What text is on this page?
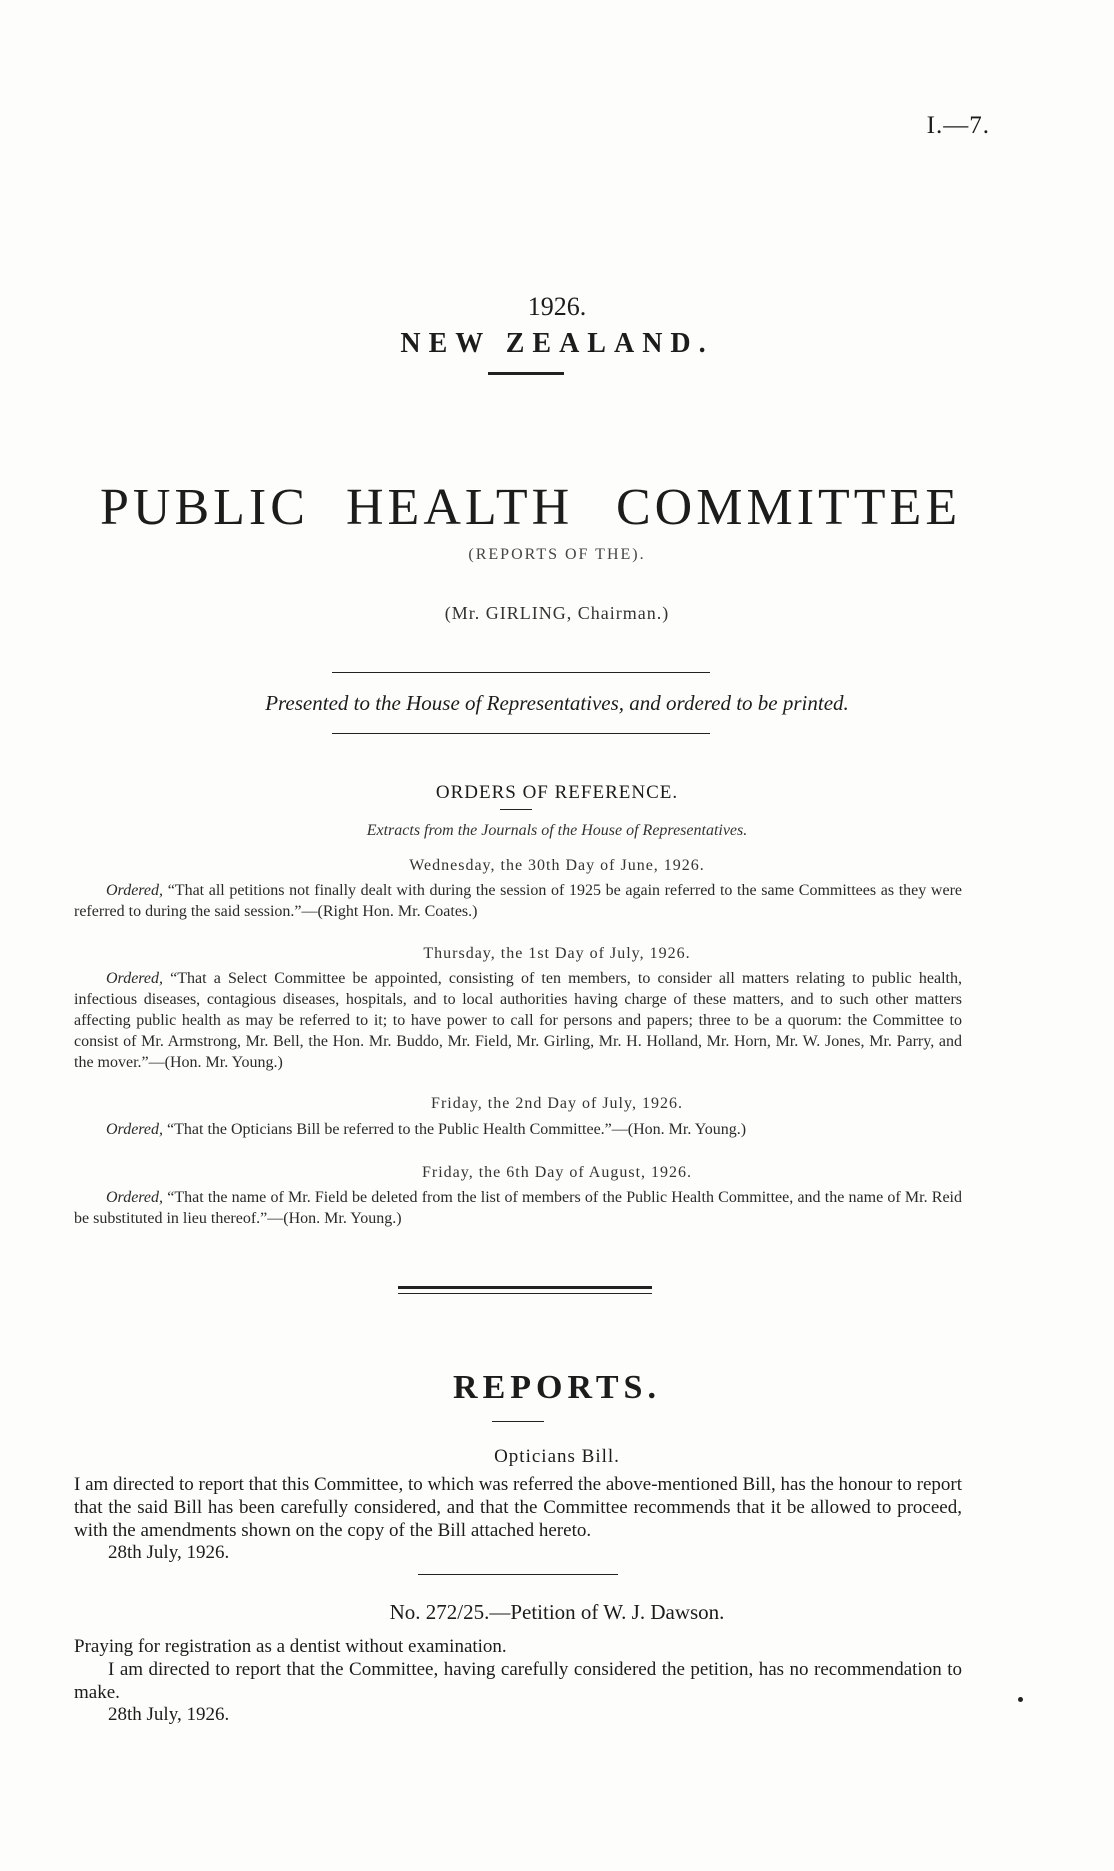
I.—7.
1926.
NEW ZEALAND.
PUBLIC HEALTH COMMITTEE
(REPORTS OF THE).
(Mr. GIRLING, Chairman.)
Presented to the House of Representatives, and ordered to be printed.
ORDERS OF REFERENCE.
Extracts from the Journals of the House of Representatives.
Wednesday, the 30th Day of June, 1926.
Ordered, “That all petitions not finally dealt with during the session of 1925 be again referred to the same Committees as they were referred to during the said session.”—(Right Hon. Mr. Coates.)
Thursday, the 1st Day of July, 1926.
Ordered, “That a Select Committee be appointed, consisting of ten members, to consider all matters relating to public health, infectious diseases, contagious diseases, hospitals, and to local authorities having charge of these matters, and to such other matters affecting public health as may be referred to it; to have power to call for persons and papers; three to be a quorum: the Committee to consist of Mr. Armstrong, Mr. Bell, the Hon. Mr. Buddo, Mr. Field, Mr. Girling, Mr. H. Holland, Mr. Horn, Mr. W. Jones, Mr. Parry, and the mover.”—(Hon. Mr. Young.)
Friday, the 2nd Day of July, 1926.
Ordered, “That the Opticians Bill be referred to the Public Health Committee.”—(Hon. Mr. Young.)
Friday, the 6th Day of August, 1926.
Ordered, “That the name of Mr. Field be deleted from the list of members of the Public Health Committee, and the name of Mr. Reid be substituted in lieu thereof.”—(Hon. Mr. Young.)
REPORTS.
Opticians Bill.
I am directed to report that this Committee, to which was referred the above-mentioned Bill, has the honour to report that the said Bill has been carefully considered, and that the Committee recommends that it be allowed to proceed, with the amendments shown on the copy of the Bill attached hereto.
28th July, 1926.
No. 272/25.—Petition of W. J. Dawson.
Praying for registration as a dentist without examination.
I am directed to report that the Committee, having carefully considered the petition, has no recommendation to make.
28th July, 1926.
